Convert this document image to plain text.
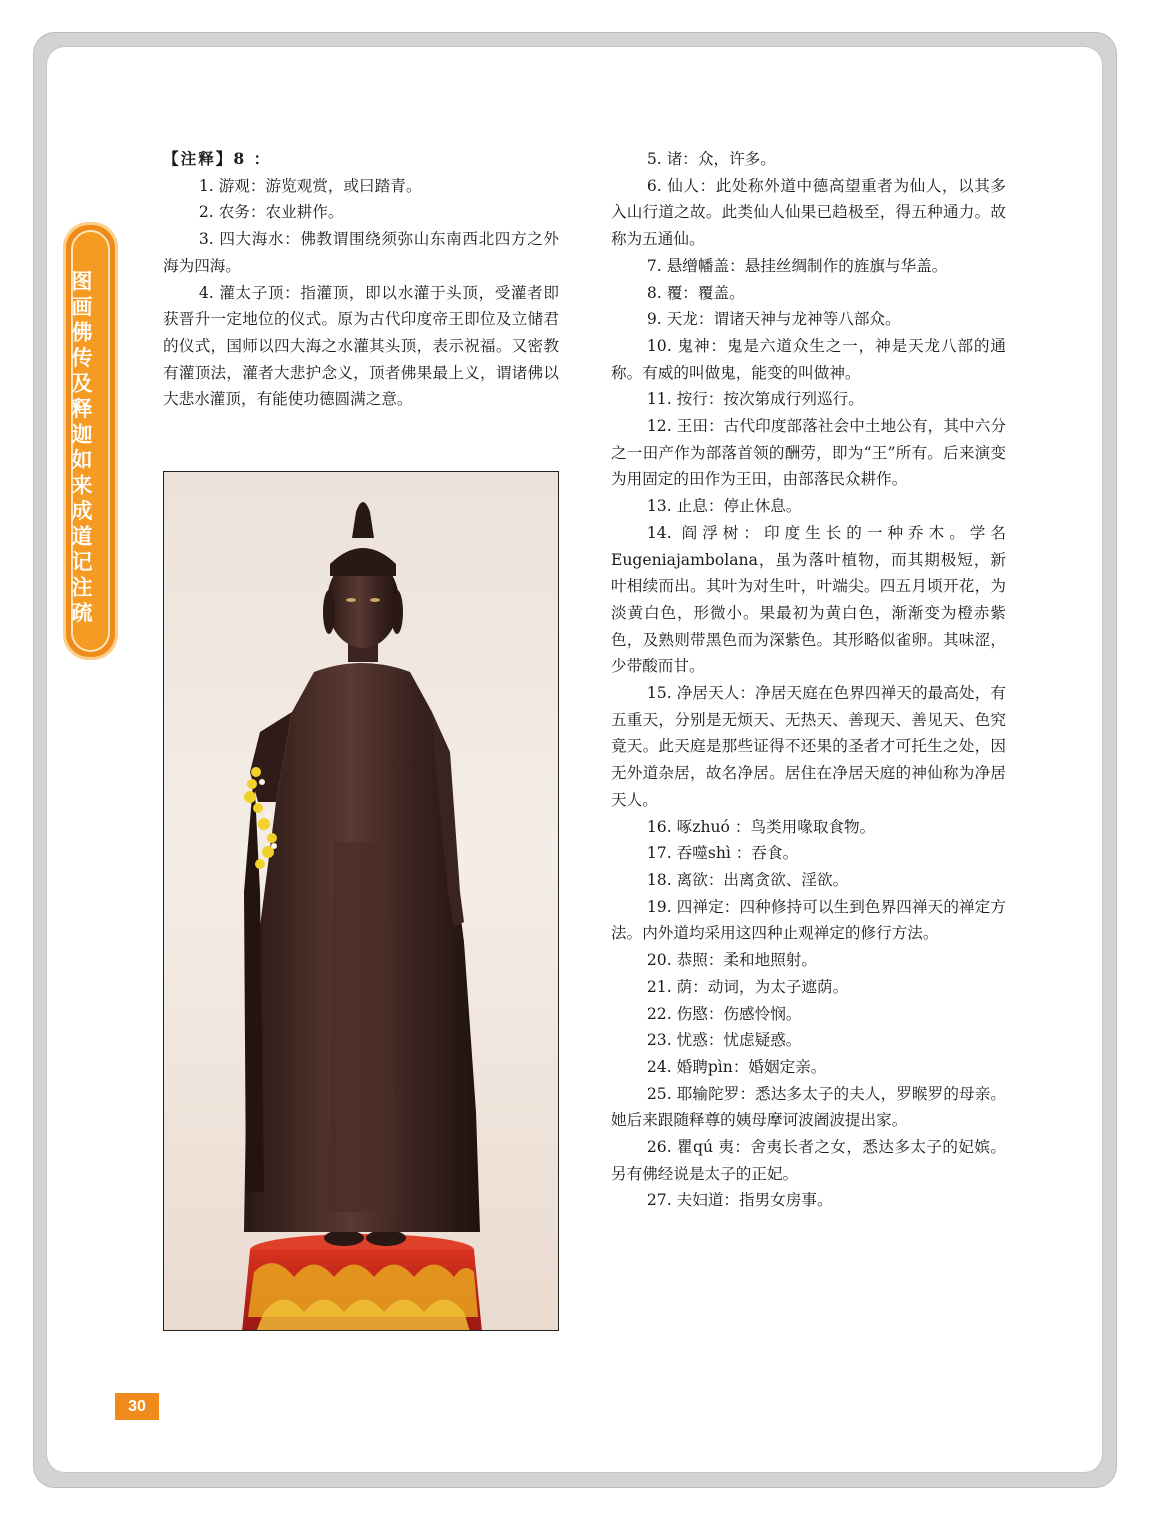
图画佛传及释迦如来成道记注疏

【注释】8 ：

1. 游观：游览观赏，或曰踏青。

2. 农务：农业耕作。

3. 四大海水：佛教谓围绕须弥山东南西北四方之外海为四海。

4. 灌太子顶：指灌顶，即以水灌于头顶，受灌者即获晋升一定地位的仪式。原为古代印度帝王即位及立储君的仪式，国师以四大海之水灌其头顶，表示祝福。又密教有灌顶法，灌者大悲护念义，顶者佛果最上义，谓诸佛以大悲水灌顶，有能使功德圆满之意。

5. 诸：众，许多。

6. 仙人：此处称外道中德高望重者为仙人，以其多入山行道之故。此类仙人仙果已趋极至，得五种通力。故称为五通仙。

7. 悬缯幡盖：悬挂丝绸制作的旌旗与华盖。

8. 覆：覆盖。

9. 天龙：谓诸天神与龙神等八部众。

10. 鬼神：鬼是六道众生之一，神是天龙八部的通称。有威的叫做鬼，能变的叫做神。

11. 按行：按次第成行列巡行。

12. 王田：古代印度部落社会中土地公有，其中六分之一田产作为部落首领的酬劳，即为“王”所有。后来演变为用固定的田作为王田，由部落民众耕作。

13. 止息：停止休息。

14. 阎浮树：印度生长的一种乔木。学名Eugeniajambolana，虽为落叶植物，而其期极短，新叶相续而出。其叶为对生叶，叶端尖。四五月顷开花，为淡黄白色，形微小。果最初为黄白色，渐渐变为橙赤紫色，及熟则带黑色而为深紫色。其形略似雀卵。其味涩，少带酸而甘。

15. 净居天人：净居天庭在色界四禅天的最高处，有五重天，分别是无烦天、无热天、善现天、善见天、色究竟天。此天庭是那些证得不还果的圣者才可托生之处，因无外道杂居，故名净居。居住在净居天庭的神仙称为净居天人。

16. 啄zhuó ：鸟类用喙取食物。

17. 吞噬shì ：吞食。

18. 离欲：出离贪欲、淫欲。

19. 四禅定：四种修持可以生到色界四禅天的禅定方法。内外道均采用这四种止观禅定的修行方法。

20. 恭照：柔和地照射。

21. 荫：动词，为太子遮荫。

22. 伤愍：伤感怜悯。

23. 忧惑：忧虑疑惑。

24. 婚聘pìn：婚姻定亲。

25. 耶输陀罗：悉达多太子的夫人，罗睺罗的母亲。她后来跟随释尊的姨母摩诃波阇波提出家。

26. 瞿qú 夷：舍夷长者之女，悉达多太子的妃嫔。另有佛经说是太子的正妃。

27. 夫妇道：指男女房事。

30
